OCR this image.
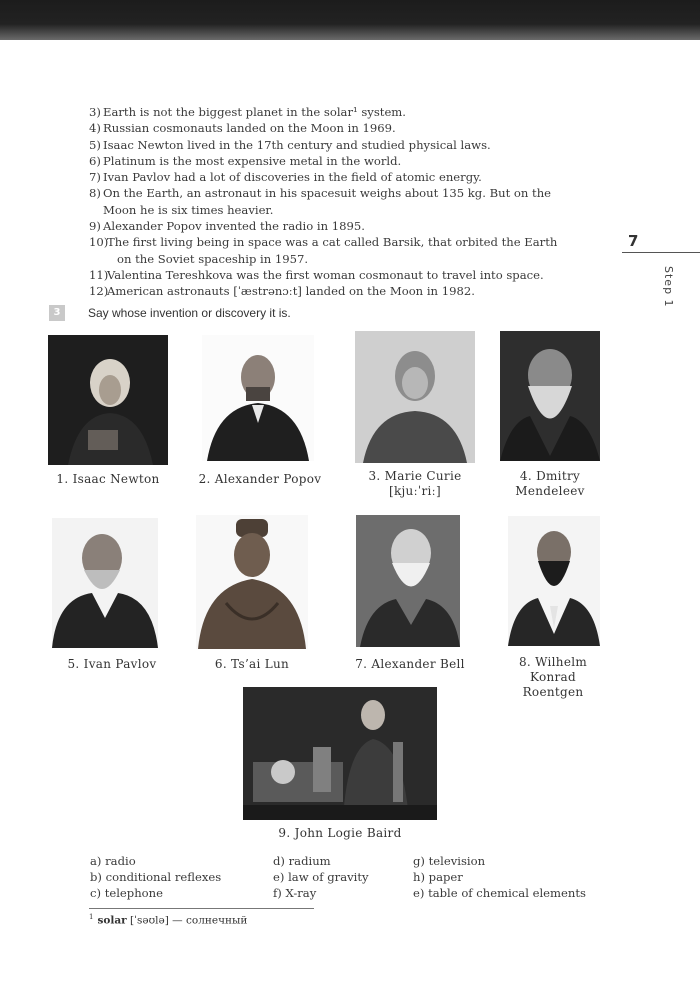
3) Earth is not the biggest planet in the solar¹ system.
4) Russian cosmonauts landed on the Moon in 1969.
5) Isaac Newton lived in the 17th century and studied physical laws.
6) Platinum is the most expensive metal in the world.
7) Ivan Pavlov had a lot of discoveries in the field of atomic energy.
8) On the Earth, an astronaut in his spacesuit weighs about 135 kg. But on the
Moon he is six times heavier.
9) Alexander Popov invented the radio in 1895.
10)
The first living being in space was a cat called Barsik, that orbited the Earth
on the Soviet spaceship in 1957.
11)
Valentina Tereshkova was the first woman cosmonaut to travel into space.
12)
American astronauts [ˈæstrənɔːt] landed on the Moon in 1982.
7
Step 1
3	Say whose invention or discovery it is.
1. Isaac Newton	2. Alexander Popov	3. Marie Curie
[kjuːˈriː]
4. Dmitry
Mendeleev
5. Ivan Pavlov	6. Ts’ai Lun	7. Alexander Bell	8. Wilhelm
Konrad
Roentgen
9. John Logie Baird
a) radio
b) conditional reflexes
c) telephone
d) radium
e) law of gravity
f) X-ray
g) television
h) paper
e) table of chemical elements
$^1$ solar [ˈsəʊlə] — солнечный
